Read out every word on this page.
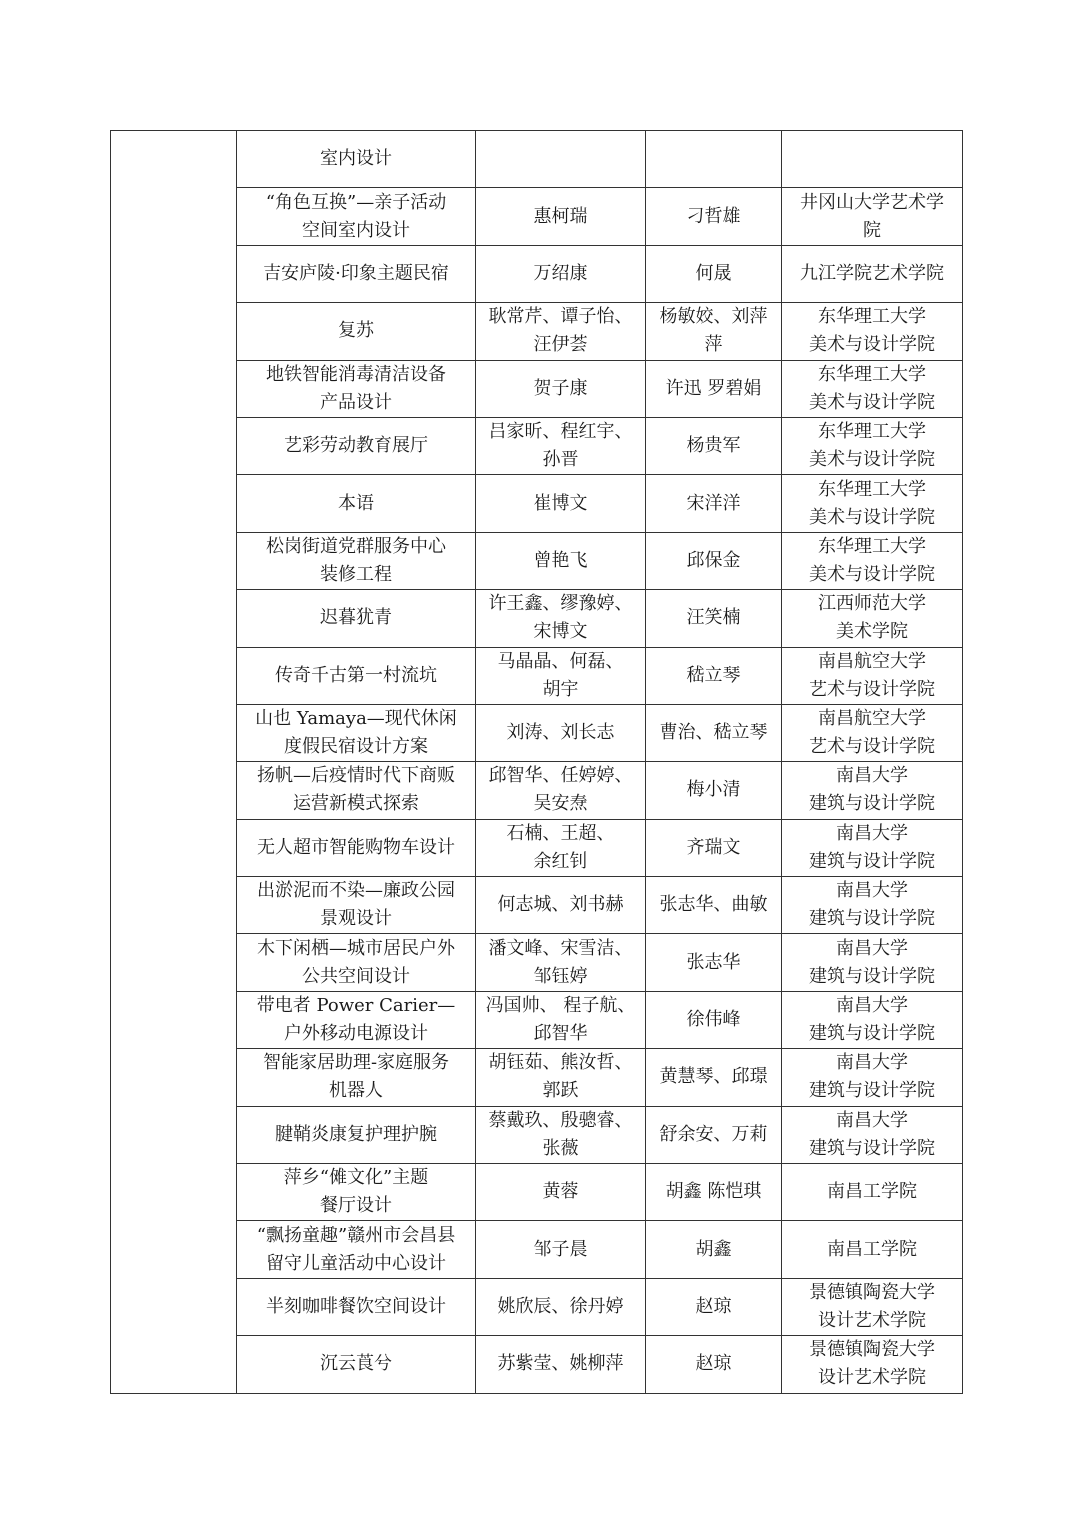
	室内设计			

	“角色互换”—亲子活动
空间室内设计	惠柯瑞	刁哲雄	井冈山大学艺术学
院

	吉安庐陵·印象主题民宿	万绍康	何晟	九江学院艺术学院

	复苏	耿常芹、谭子怡、
汪伊荟	杨敏姣、刘萍
萍	东华理工大学
美术与设计学院

	地铁智能消毒清洁设备
产品设计	贺子康	许迅 罗碧娟	东华理工大学
美术与设计学院

	艺彩劳动教育展厅	吕家昕、程红宇、
孙晋	杨贵军	东华理工大学
美术与设计学院

	本语	崔博文	宋洋洋	东华理工大学
美术与设计学院

	松岗街道党群服务中心
装修工程	曾艳飞	邱保金	东华理工大学
美术与设计学院

	迟暮犹青	许王鑫、缪豫婷、
宋博文	汪笑楠	江西师范大学
美术学院

	传奇千古第一村流坑	马晶晶、何磊、
胡宇	嵇立琴	南昌航空大学
艺术与设计学院

	山也 Yamaya—现代休闲
度假民宿设计方案	刘涛、刘长志	曹治、嵇立琴	南昌航空大学
艺术与设计学院

	扬帆—后疫情时代下商贩
运营新模式探索	邱智华、任婷婷、
吴安焘	梅小清	南昌大学
建筑与设计学院

	无人超市智能购物车设计	石楠、王超、
余红钊	齐瑞文	南昌大学
建筑与设计学院

	出淤泥而不染—廉政公园
景观设计	何志城、刘书赫	张志华、曲敏	南昌大学
建筑与设计学院

	木下闲栖—城市居民户外
公共空间设计	潘文峰、宋雪洁、
邹钰婷	张志华	南昌大学
建筑与设计学院

	带电者 Power Carier—
户外移动电源设计	冯国帅、 程子航、
邱智华	徐伟峰	南昌大学
建筑与设计学院

	智能家居助理-家庭服务
机器人	胡钰茹、熊汝哲、
郭跃	黄慧琴、邱璟	南昌大学
建筑与设计学院

	腱鞘炎康复护理护腕	蔡戴玖、殷骢睿、
张薇	舒余安、万莉	南昌大学
建筑与设计学院

	萍乡“傩文化”主题
餐厅设计	黄蓉	胡鑫 陈恺琪	南昌工学院

	“飘扬童趣”赣州市会昌县
留守儿童活动中心设计	邹子晨	胡鑫	南昌工学院

	半刻咖啡餐饮空间设计	姚欣辰、徐丹婷	赵琼	景德镇陶瓷大学
设计艺术学院

	沉云莨兮	苏紫莹、姚柳萍	赵琼	景德镇陶瓷大学
设计艺术学院
